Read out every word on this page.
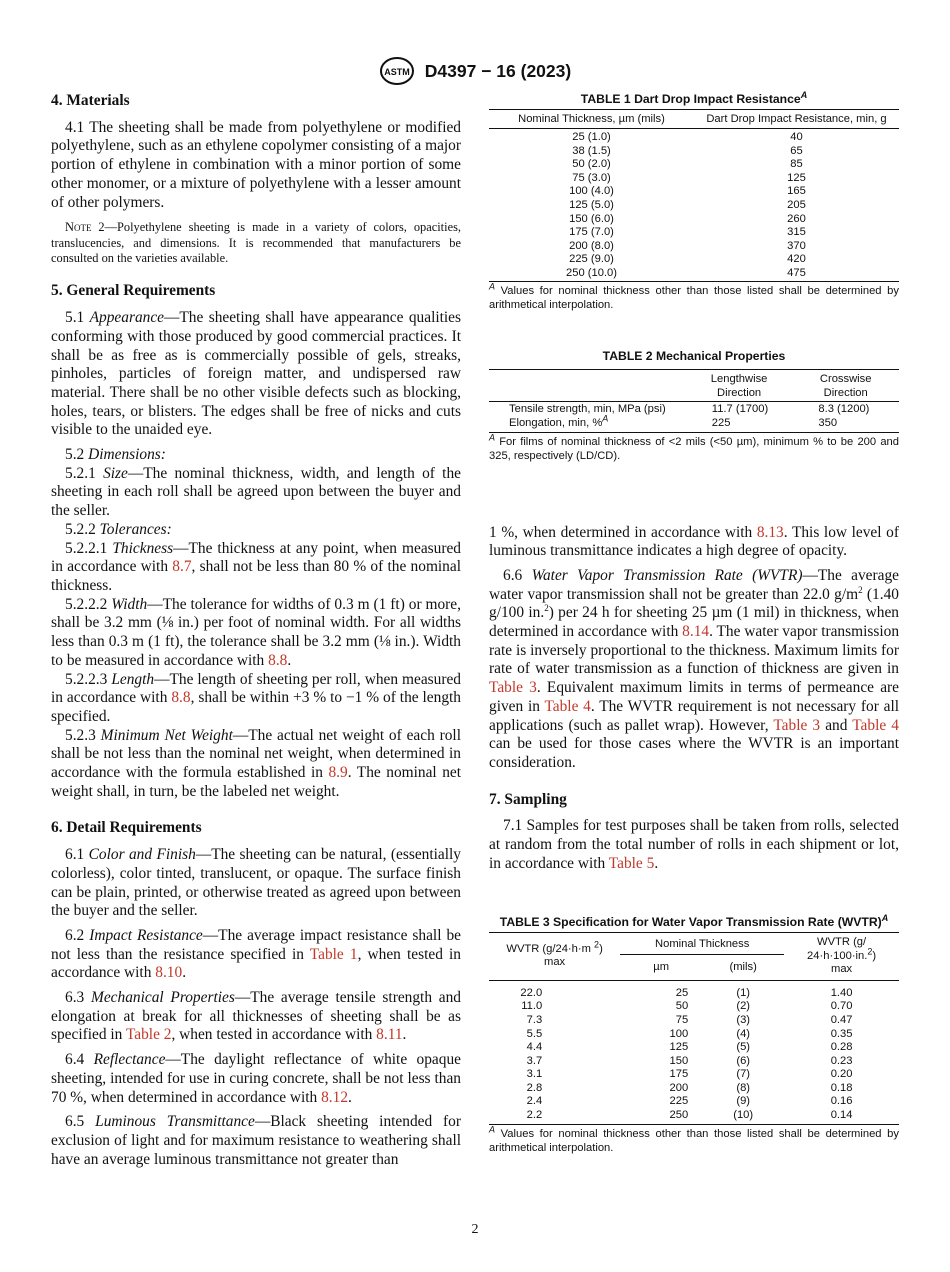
ASTM D4397 − 16 (2023)

4. Materials

4.1 The sheeting shall be made from polyethylene or modified polyethylene, such as an ethylene copolymer consisting of a major portion of ethylene in combination with a minor portion of some other monomer, or a mixture of polyethylene with a lesser amount of other polymers.

Note 2—Polyethylene sheeting is made in a variety of colors, opacities, translucencies, and dimensions. It is recommended that manufacturers be consulted on the varieties available.

5. General Requirements

5.1 Appearance—The sheeting shall have appearance qualities conforming with those produced by good commercial practices. It shall be as free as is commercially possible of gels, streaks, pinholes, particles of foreign matter, and undispersed raw material. There shall be no other visible defects such as blocking, holes, tears, or blisters. The edges shall be free of nicks and cuts visible to the unaided eye.

5.2 Dimensions:

5.2.1 Size—The nominal thickness, width, and length of the sheeting in each roll shall be agreed upon between the buyer and the seller.

5.2.2 Tolerances:

5.2.2.1 Thickness—The thickness at any point, when measured in accordance with 8.7, shall not be less than 80 % of the nominal thickness.

5.2.2.2 Width—The tolerance for widths of 0.3 m (1 ft) or more, shall be 3.2 mm (⅛ in.) per foot of nominal width. For all widths less than 0.3 m (1 ft), the tolerance shall be 3.2 mm (⅛ in.). Width to be measured in accordance with 8.8.

5.2.2.3 Length—The length of sheeting per roll, when measured in accordance with 8.8, shall be within +3 % to −1 % of the length specified.

5.2.3 Minimum Net Weight—The actual net weight of each roll shall be not less than the nominal net weight, when determined in accordance with the formula established in 8.9. The nominal net weight shall, in turn, be the labeled net weight.

6. Detail Requirements

6.1 Color and Finish—The sheeting can be natural, (essentially colorless), color tinted, translucent, or opaque. The surface finish can be plain, printed, or otherwise treated as agreed upon between the buyer and the seller.

6.2 Impact Resistance—The average impact resistance shall be not less than the resistance specified in Table 1, when tested in accordance with 8.10.

6.3 Mechanical Properties—The average tensile strength and elongation at break for all thicknesses of sheeting shall be as specified in Table 2, when tested in accordance with 8.11.

6.4 Reflectance—The daylight reflectance of white opaque sheeting, intended for use in curing concrete, shall be not less than 70 %, when determined in accordance with 8.12.

6.5 Luminous Transmittance—Black sheeting intended for exclusion of light and for maximum resistance to weathering shall have an average luminous transmittance not greater than

TABLE 1 Dart Drop Impact Resistance$^A$
Nominal Thickness, µm (mils)	Dart Drop Impact Resistance, min, g
25 (1.0)	40
38 (1.5)	65
50 (2.0)	85
75 (3.0)	125
100 (4.0)	165
125 (5.0)	205
150 (6.0)	260
175 (7.0)	315
200 (8.0)	370
225 (9.0)	420
250 (10.0)	475

$^A$ Values for nominal thickness other than those listed shall be determined by arithmetical interpolation.

TABLE 2 Mechanical Properties
	Lengthwise	Crosswise
	Direction	Direction
Tensile strength, min, MPa (psi)	11.7 (1700)	8.3 (1200)
Elongation, min, %$^A$	225	350

$^A$ For films of nominal thickness of <2 mils (<50 µm), minimum % to be 200 and 325, respectively (LD/CD).

1 %, when determined in accordance with 8.13. This low level of luminous transmittance indicates a high degree of opacity.

6.6 Water Vapor Transmission Rate (WVTR)—The average water vapor transmission shall not be greater than 22.0 $g/m^2$ (1.40 g/100 in.$^2$) per 24 h for sheeting 25 µm (1 mil) in thickness, when determined in accordance with 8.14. The water vapor transmission rate is inversely proportional to the thickness. Maximum limits for rate of water transmission as a function of thickness are given in Table 3. Equivalent maximum limits in terms of permeance are given in Table 4. The WVTR requirement is not necessary for all applications (such as pallet wrap). However, Table 3 and Table 4 can be used for those cases where the WVTR is an important consideration.

7. Sampling

7.1 Samples for test purposes shall be taken from rolls, selected at random from the total number of rolls in each shipment or lot, in accordance with Table 5.

TABLE 3 Specification for Water Vapor Transmission Rate (WVTR)$^A$
WVTR (g/24·h·m $^2$)
max	Nominal Thickness		WVTR (g/
24·h·100·in.$^2$)
max
	µm	(mils)	

22.0	25	(1)	1.40
11.0	50	(2)	0.70
7.3	75	(3)	0.47
5.5	100	(4)	0.35
4.4	125	(5)	0.28
3.7	150	(6)	0.23
3.1	175	(7)	0.20
2.8	200	(8)	0.18
2.4	225	(9)	0.16
2.2	250	(10)	0.14

$^A$ Values for nominal thickness other than those listed shall be determined by arithmetical interpolation.

2
